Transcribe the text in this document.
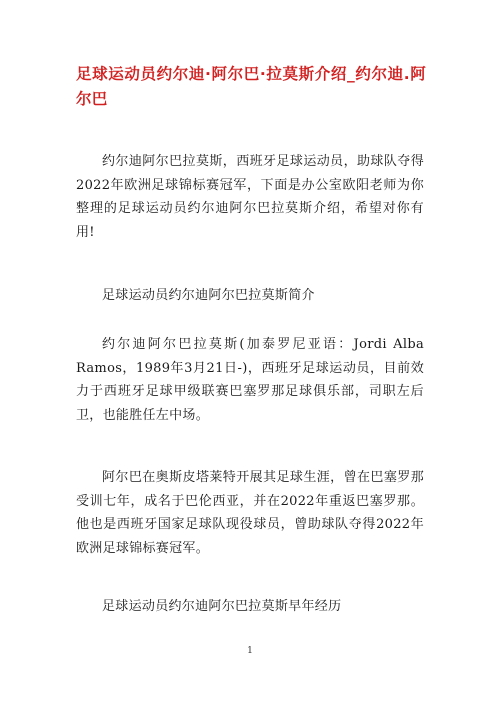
足球运动员约尔迪·阿尔巴·拉莫斯介绍_约尔迪.阿尔巴

约尔迪阿尔巴拉莫斯，西班牙足球运动员，助球队夺得2022年欧洲足球锦标赛冠军，下面是办公室欧阳老师为你整理的足球运动员约尔迪阿尔巴拉莫斯介绍，希望对你有用!

足球运动员约尔迪阿尔巴拉莫斯简介

约尔迪阿尔巴拉莫斯(加泰罗尼亚语：Jordi Alba Ramos，1989年3月21日-)，西班牙足球运动员，目前效力于西班牙足球甲级联赛巴塞罗那足球俱乐部，司职左后卫，也能胜任左中场。

阿尔巴在奥斯皮塔莱特开展其足球生涯，曾在巴塞罗那受训七年，成名于巴伦西亚，并在2022年重返巴塞罗那。他也是西班牙国家足球队现役球员，曾助球队夺得2022年欧洲足球锦标赛冠军。

足球运动员约尔迪阿尔巴拉莫斯早年经历

1
